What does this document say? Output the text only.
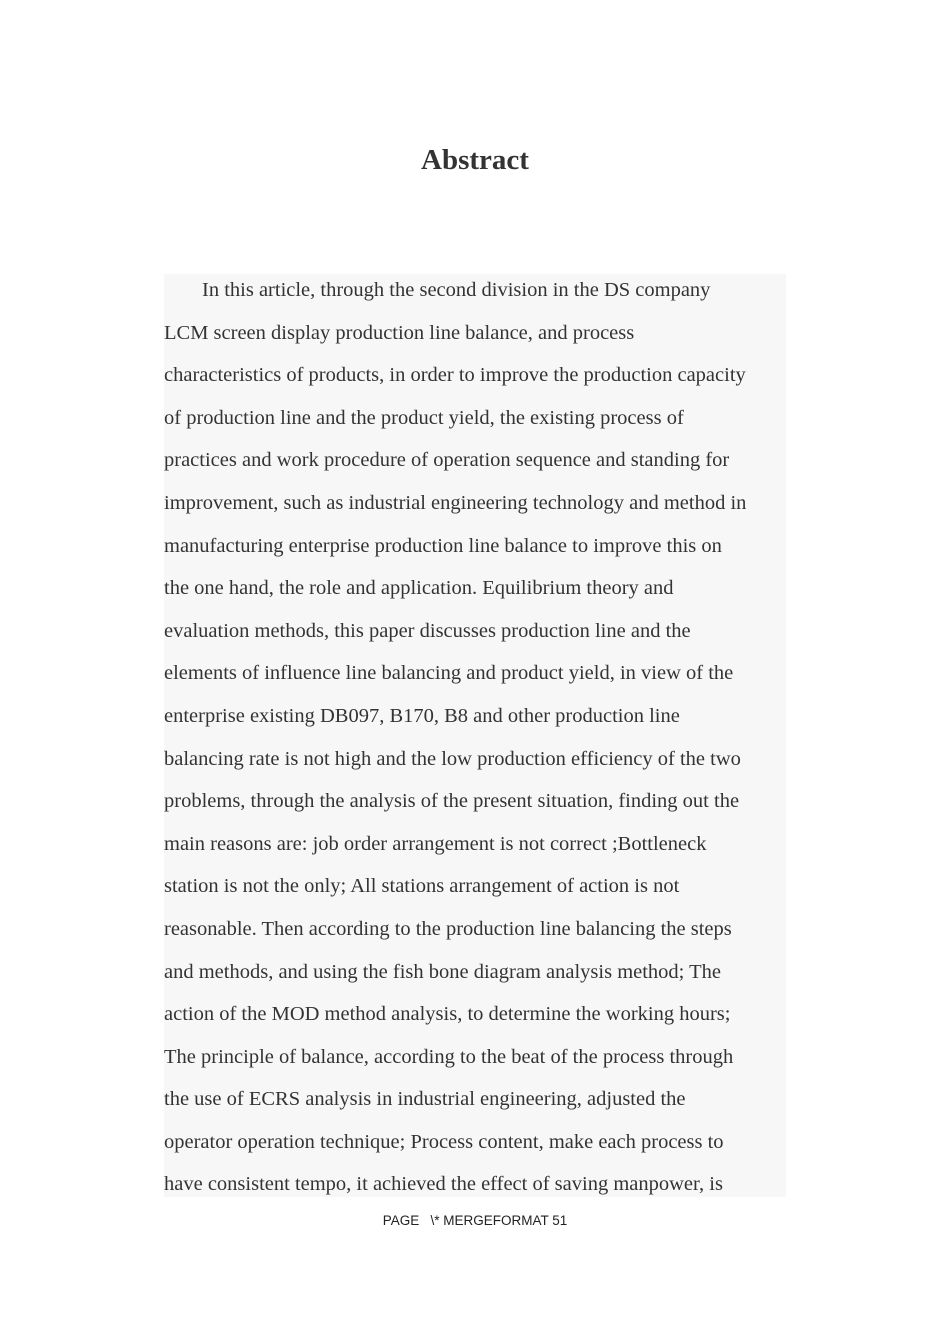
Abstract
In this article, through the second division in the DS company
LCM screen display production line balance, and process
characteristics of products, in order to improve the production capacity
of production line and the product yield, the existing process of
practices and work procedure of operation sequence and standing for
improvement, such as industrial engineering technology and method in
manufacturing enterprise production line balance to improve this on
the one hand, the role and application. Equilibrium theory and
evaluation methods, this paper discusses production line and the
elements of influence line balancing and product yield, in view of the
enterprise existing DB097, B170, B8 and other production line
balancing rate is not high and the low production efficiency of the two
problems, through the analysis of the present situation, finding out the
main reasons are: job order arrangement is not correct ;Bottleneck
station is not the only; All stations arrangement of action is not
reasonable. Then according to the production line balancing the steps
and methods, and using the fish bone diagram analysis method; The
action of the MOD method analysis, to determine the working hours;
The principle of balance, according to the beat of the process through
the use of ECRS analysis in industrial engineering, adjusted the
operator operation technique; Process content, make each process to
have consistent tempo, it achieved the effect of saving manpower, is
PAGE   \* MERGEFORMAT 51
